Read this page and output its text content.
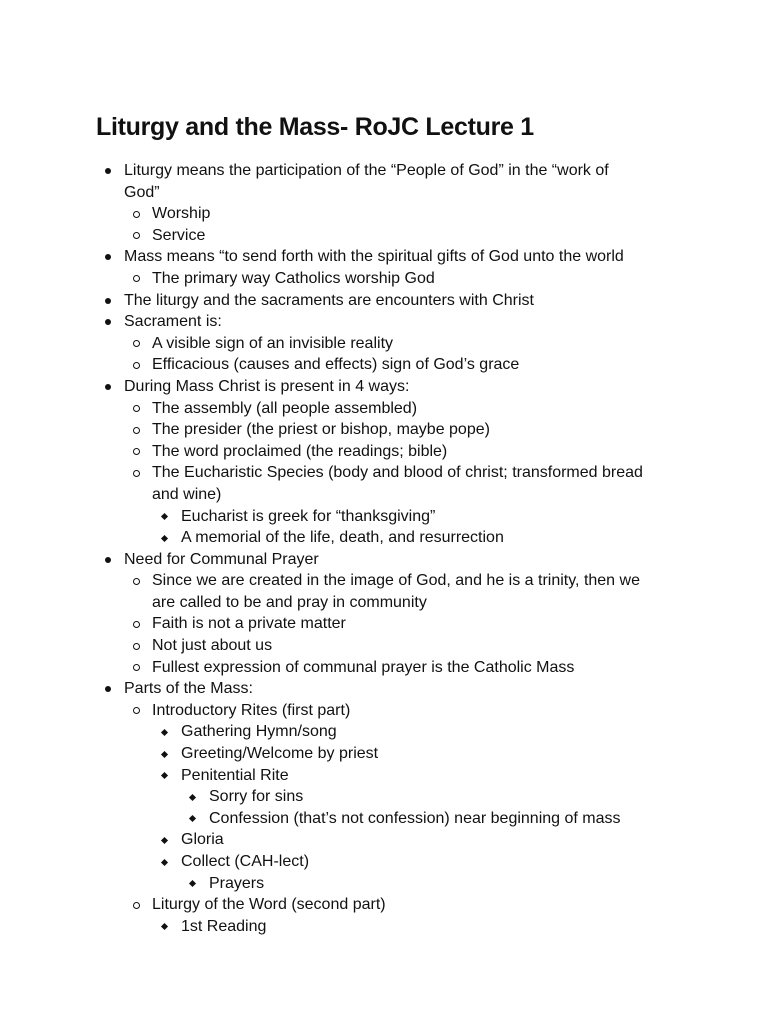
Liturgy and the Mass- RoJC Lecture 1
Liturgy means the participation of the “People of God” in the “work of
God”
Worship
Service
Mass means “to send forth with the spiritual gifts of God unto the world
The primary way Catholics worship God
The liturgy and the sacraments are encounters with Christ
Sacrament is:
A visible sign of an invisible reality
Efficacious (causes and effects) sign of God’s grace
During Mass Christ is present in 4 ways:
The assembly (all people assembled)
The presider (the priest or bishop, maybe pope)
The word proclaimed (the readings; bible)
The Eucharistic Species (body and blood of christ; transformed bread
and wine)
Eucharist is greek for “thanksgiving”
A memorial of the life, death, and resurrection
Need for Communal Prayer
Since we are created in the image of God, and he is a trinity, then we
are called to be and pray in community
Faith is not a private matter
Not just about us
Fullest expression of communal prayer is the Catholic Mass
Parts of the Mass:
Introductory Rites (first part)
Gathering Hymn/song
Greeting/Welcome by priest
Penitential Rite
Sorry for sins
Confession (that’s not confession) near beginning of mass
Gloria
Collect (CAH-lect)
Prayers
Liturgy of the Word (second part)
1st Reading
